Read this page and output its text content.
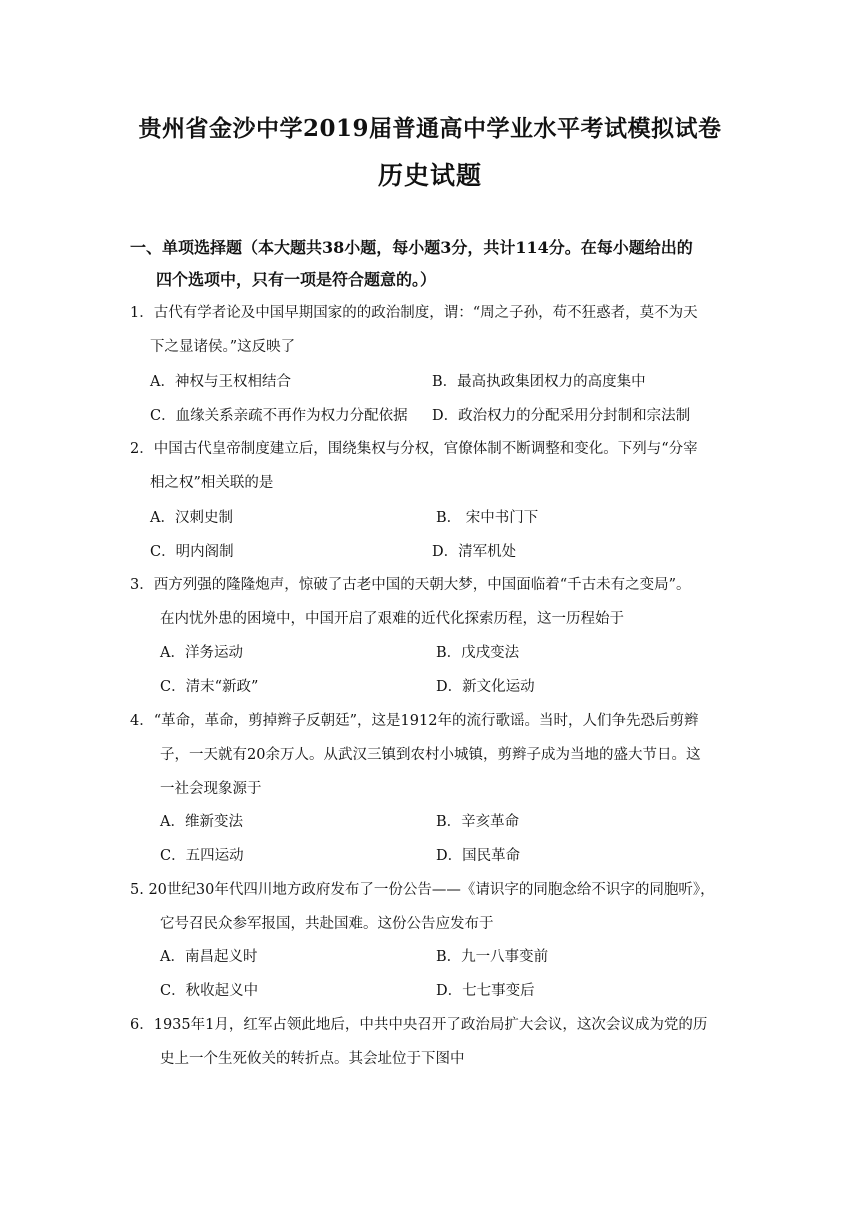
贵州省金沙中学2019届普通高中学业水平考试模拟试卷
历史试题
一、单项选择题（本大题共38小题，每小题3分，共计114分。在每小题给出的
四个选项中，只有一项是符合题意的。）
1．古代有学者论及中国早期国家的的政治制度，谓：“周之子孙，苟不狂惑者，莫不为天
下之显诸侯。”这反映了
A．神权与王权相结合	B．最高执政集团权力的高度集中
C．血缘关系亲疏不再作为权力分配依据 D．政治权力的分配采用分封制和宗法制
2．中国古代皇帝制度建立后，围绕集权与分权，官僚体制不断调整和变化。下列与“分宰
相之权”相关联的是
A．汉刺史制	B． 宋中书门下
C．明内阁制	D．清军机处
3．西方列强的隆隆炮声，惊破了古老中国的天朝大梦，中国面临着“千古未有之变局”。
在内忧外患的困境中，中国开启了艰难的近代化探索历程，这一历程始于
A．洋务运动	B．戊戌变法
C．清末“新政”	D．新文化运动
4．“革命，革命，剪掉辫子反朝廷”，这是1912年的流行歌谣。当时，人们争先恐后剪辫
子，一天就有20余万人。从武汉三镇到农村小城镇，剪辫子成为当地的盛大节日。这
一社会现象源于
A．维新变法	B．辛亥革命
C．五四运动	D．国民革命
5. 20世纪30年代四川地方政府发布了一份公告——《请识字的同胞念给不识字的同胞听》，
它号召民众参军报国，共赴国难。这份公告应发布于
A．南昌起义时	B．九一八事变前
C．秋收起义中	D．七七事变后
6．1935年1月，红军占领此地后，中共中央召开了政治局扩大会议，这次会议成为党的历
史上一个生死攸关的转折点。其会址位于下图中
